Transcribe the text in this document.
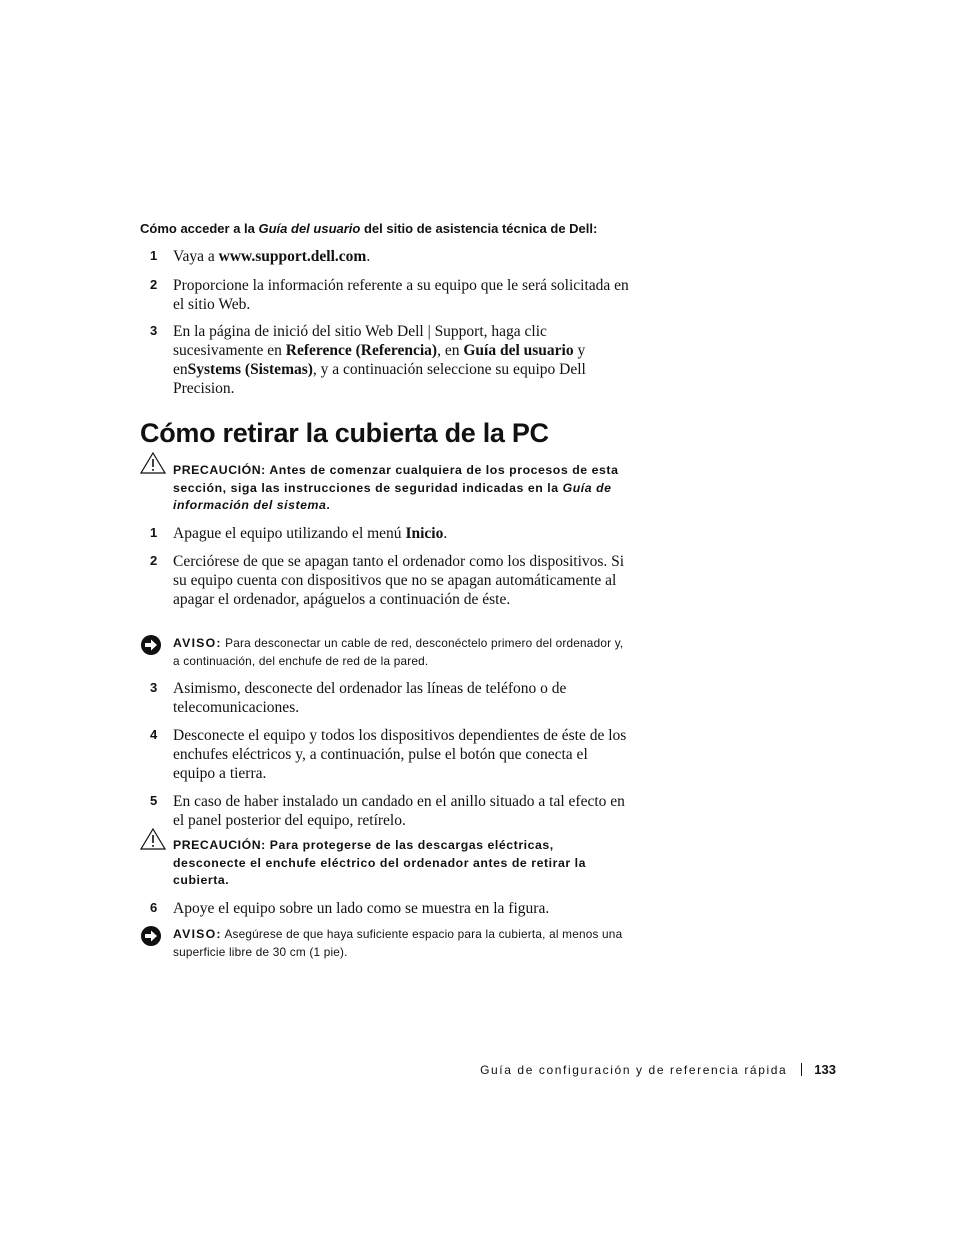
Cómo acceder a la Guía del usuario del sitio de asistencia técnica de Dell:
1 Vaya a www.support.dell.com.
2 Proporcione la información referente a su equipo que le será solicitada en el sitio Web.
3 En la página de inició del sitio Web Dell | Support, haga clic sucesivamente en Reference (Referencia), en Guía del usuario y enSystems (Sistemas), y a continuación seleccione su equipo Dell Precision.
Cómo retirar la cubierta de la PC
PRECAUCIÓN: Antes de comenzar cualquiera de los procesos de esta sección, siga las instrucciones de seguridad indicadas en la Guía de información del sistema.
1 Apague el equipo utilizando el menú Inicio.
2 Cerciórese de que se apagan tanto el ordenador como los dispositivos. Si su equipo cuenta con dispositivos que no se apagan automáticamente al apagar el ordenador, apáguelos a continuación de éste.
AVISO: Para desconectar un cable de red, desconéctelo primero del ordenador y, a continuación, del enchufe de red de la pared.
3 Asimismo, desconecte del ordenador las líneas de teléfono o de telecomunicaciones.
4 Desconecte el equipo y todos los dispositivos dependientes de éste de los enchufes eléctricos y, a continuación, pulse el botón que conecta el equipo a tierra.
5 En caso de haber instalado un candado en el anillo situado a tal efecto en el panel posterior del equipo, retírelo.
PRECAUCIÓN: Para protegerse de las descargas eléctricas, desconecte el enchufe eléctrico del ordenador antes de retirar la cubierta.
6 Apoye el equipo sobre un lado como se muestra en la figura.
AVISO: Asegúrese de que haya suficiente espacio para la cubierta, al menos una superficie libre de 30 cm (1 pie).
Guía de configuración y de referencia rápida 133
